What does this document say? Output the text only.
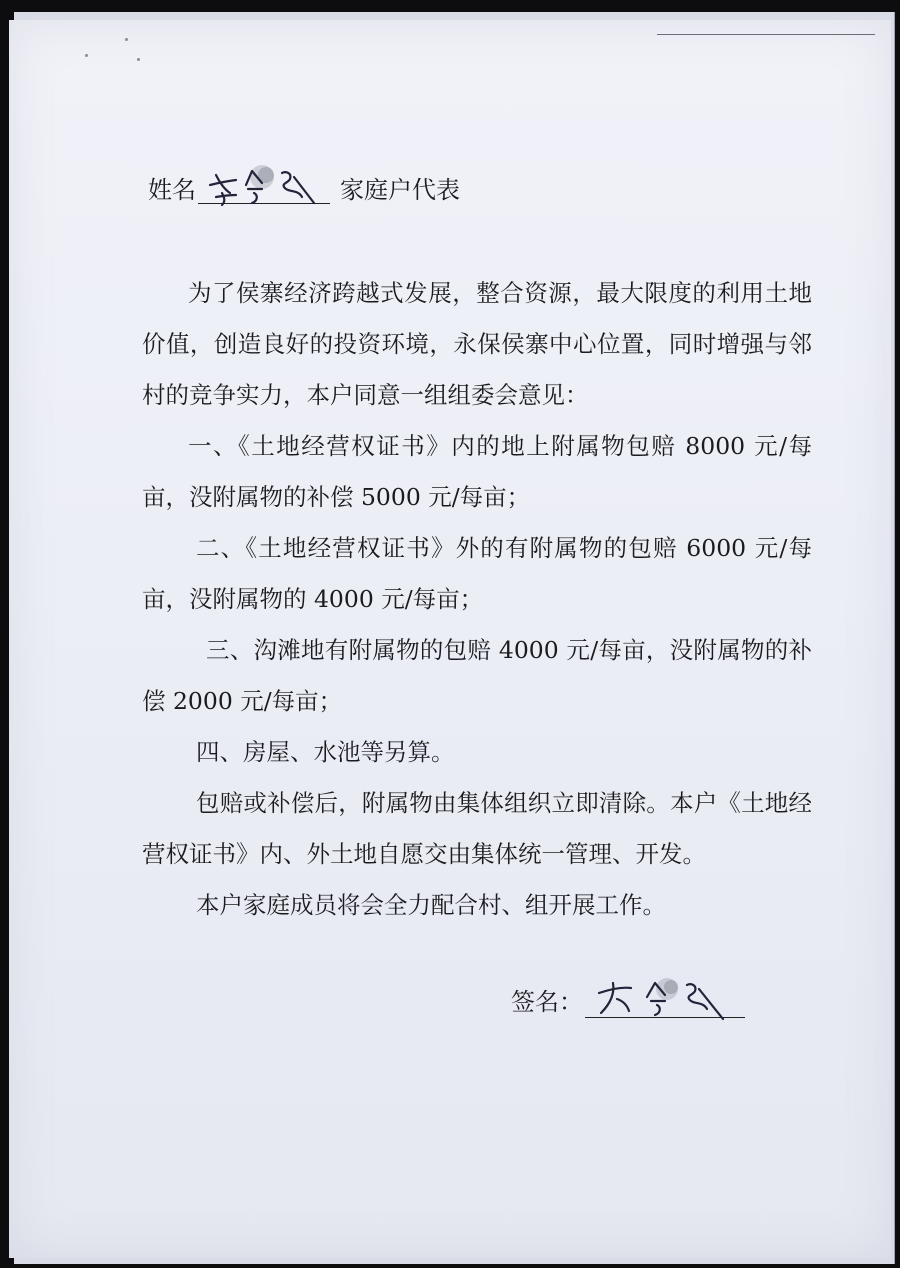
姓名	家庭户代表

为了侯寨经济跨越式发展，整合资源，最大限度的利用土地价值，创造良好的投资环境，永保侯寨中心位置，同时增强与邻村的竞争实力，本户同意一组组委会意见：

一、《土地经营权证书》内的地上附属物包赔 8000 元/每亩，没附属物的补偿 5000 元/每亩；

二、《土地经营权证书》外的有附属物的包赔 6000 元/每亩，没附属物的 4000 元/每亩；

三、沟滩地有附属物的包赔 4000 元/每亩，没附属物的补偿 2000 元/每亩；

四、房屋、水池等另算。

包赔或补偿后，附属物由集体组织立即清除。本户《土地经营权证书》内、外土地自愿交由集体统一管理、开发。

本户家庭成员将会全力配合村、组开展工作。

签名：
